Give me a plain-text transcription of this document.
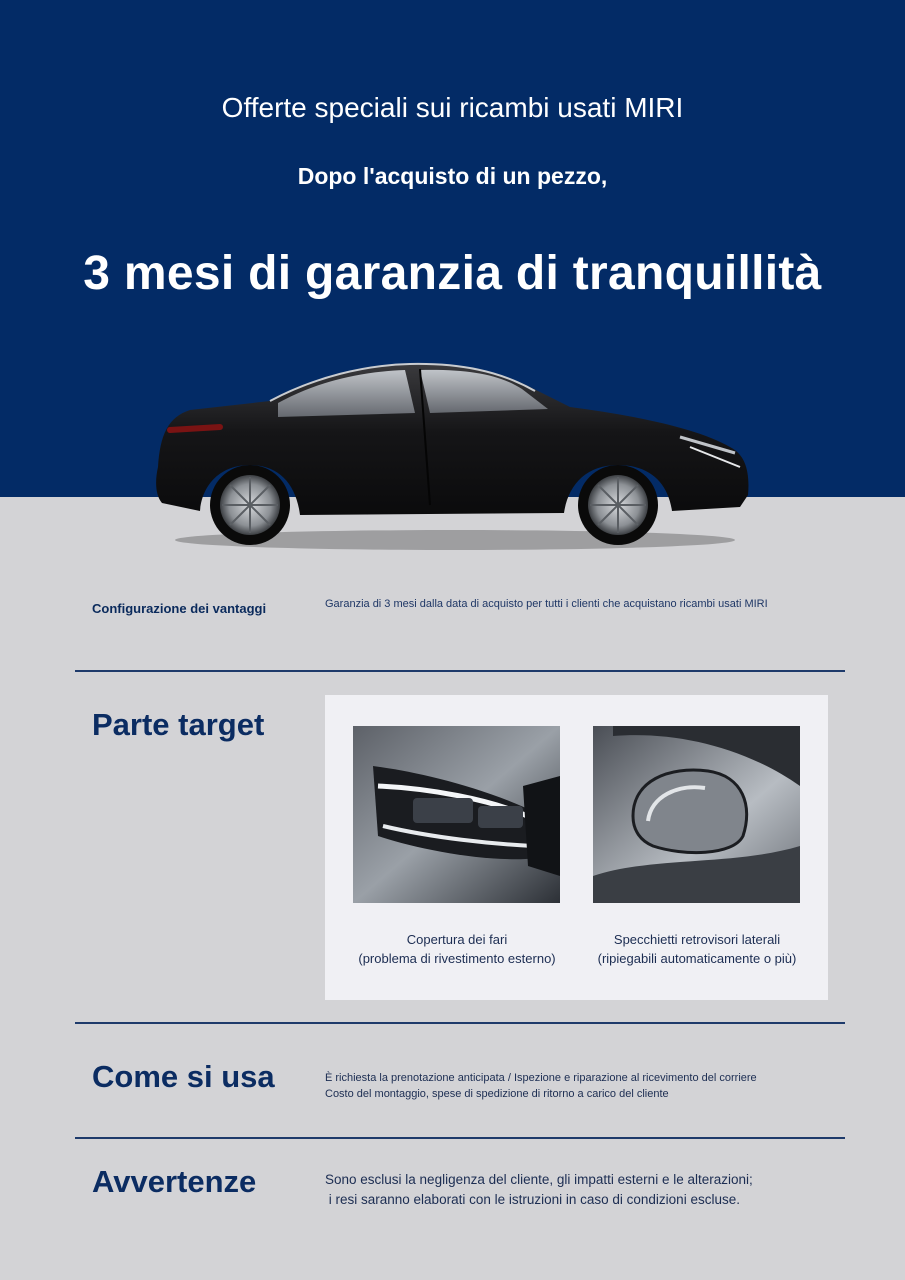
Offerte speciali sui ricambi usati MIRI
Dopo l'acquisto di un pezzo,
3 mesi di garanzia di tranquillità
Configurazione dei vantaggi	Garanzia di 3 mesi dalla data di acquisto per tutti i clienti che acquistano ricambi usati MIRI
Parte target
Copertura dei fari
(problema di rivestimento esterno)
Specchietti retrovisori laterali
(ripiegabili automaticamente o più)
Come si usa	È richiesta la prenotazione anticipata / Ispezione e riparazione al ricevimento del corriere
Costo del montaggio, spese di spedizione di ritorno a carico del cliente
Avvertenze	Sono esclusi la negligenza del cliente, gli impatti esterni e le alterazioni;
i resi saranno elaborati con le istruzioni in caso di condizioni escluse.
